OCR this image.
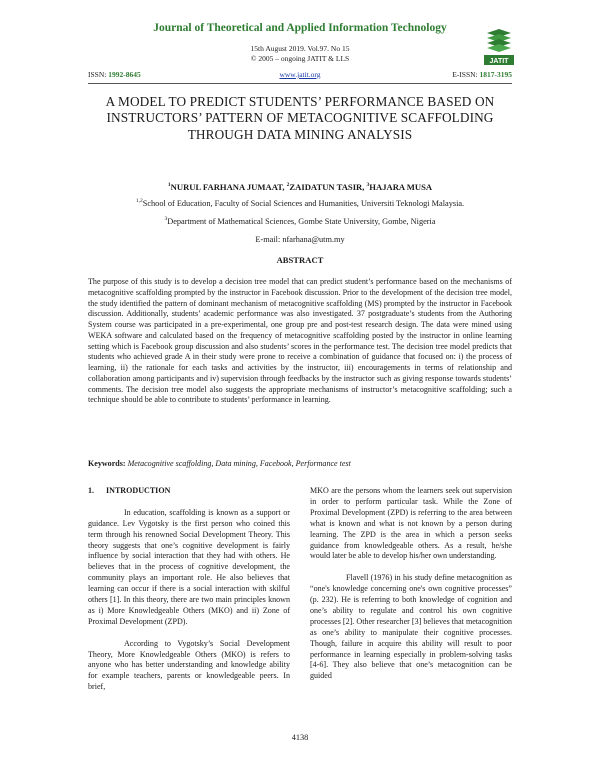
Journal of Theoretical and Applied Information Technology
15th August 2019. Vol.97. No 15
© 2005 – ongoing JATIT & LLS	JATIT
ISSN: 1992-8645	www.jatit.org	E-ISSN: 1817-3195
A MODEL TO PREDICT STUDENTS’ PERFORMANCE BASED ON INSTRUCTORS’ PATTERN OF METACOGNITIVE SCAFFOLDING THROUGH DATA MINING ANALYSIS
$^1$NURUL FARHANA JUMAAT, $^2$ZAIDATUN TASIR, $^3$HAJARA MUSA
$^{1,2}$School of Education, Faculty of Social Sciences and Humanities, Universiti Teknologi Malaysia.
$^3$Department of Mathematical Sciences, Gombe State University, Gombe, Nigeria
E-mail: nfarhana@utm.my
ABSTRACT
The purpose of this study is to develop a decision tree model that can predict student’s performance based on the mechanisms of metacognitive scaffolding prompted by the instructor in Facebook discussion. Prior to the development of the decision tree model, the study identified the pattern of dominant mechanism of metacognitive scaffolding (MS) prompted by the instructor in Facebook discussion. Additionally, students’ academic performance was also investigated. 37 postgraduate’s students from the Authoring System course was participated in a pre-experimental, one group pre and post-test research design. The data were mined using WEKA software and calculated based on the frequency of metacognitive scaffolding posted by the instructor in online learning setting which is Facebook group discussion and also students’ scores in the performance test. The decision tree model predicts that students who achieved grade A in their study were prone to receive a combination of guidance that focused on: i) the process of learning, ii) the rationale for each tasks and activities by the instructor, iii) encouragements in terms of relationship and collaboration among participants and iv) supervision through feedbacks by the instructor such as giving response towards students’ comments. The decision tree model also suggests the appropriate mechanisms of instructor’s metacognitive scaffolding; such a technique should be able to contribute to students’ performance in learning.
Keywords: Metacognitive scaffolding, Data mining, Facebook, Performance test
1. INTRODUCTION

In education, scaffolding is known as a support or guidance. Lev Vygotsky is the first person who coined this term through his renowned Social Development Theory. This theory suggests that one’s cognitive development is fairly influence by social interaction that they had with others. He believes that in the process of cognitive development, the community plays an important role. He also believes that learning can occur if there is a social interaction with skilful others [1]. In this theory, there are two main principles known as i) More Knowledgeable Others (MKO) and ii) Zone of Proximal Development (ZPD).

According to Vygotsky’s Social Development Theory, More Knowledgeable Others (MKO) is refers to anyone who has better understanding and knowledge ability for example teachers, parents or knowledgeable peers. In brief,

MKO are the persons whom the learners seek out supervision in order to perform particular task. While the Zone of Proximal Development (ZPD) is referring to the area between what is known and what is not known by a person during learning. The ZPD is the area in which a person seeks guidance from knowledgeable others. As a result, he/she would later be able to develop his/her own understanding.

Flavell (1976) in his study define metacognition as “one's knowledge concerning one's own cognitive processes” (p. 232). He is referring to both knowledge of cognition and one’s ability to regulate and control his own cognitive processes [2]. Other researcher [3] believes that metacognition as one’s ability to manipulate their cognitive processes. Though, failure in acquire this ability will result to poor performance in learning especially in problem-solving tasks [4-6]. They also believe that one’s metacognition can be guided

4138
